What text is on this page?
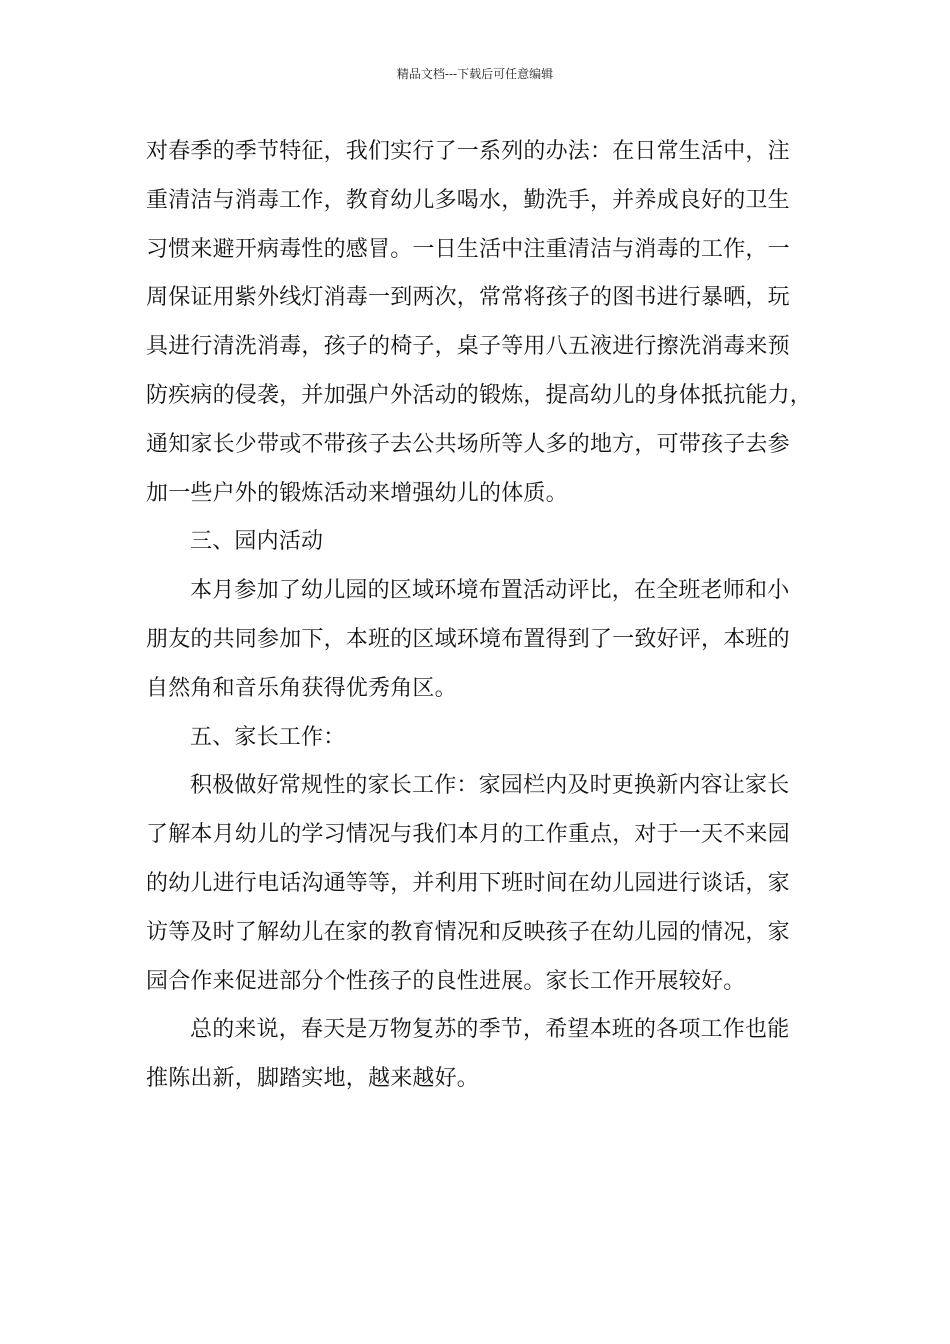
精品文档---下载后可任意编辑
对春季的季节特征，我们实行了一系列的办法：在日常生活中，注
重清洁与消毒工作，教育幼儿多喝水，勤洗手，并养成良好的卫生
习惯来避开病毒性的感冒。一日生活中注重清洁与消毒的工作，一
周保证用紫外线灯消毒一到两次，常常将孩子的图书进行暴晒，玩
具进行清洗消毒，孩子的椅子，桌子等用八五液进行擦洗消毒来预
防疾病的侵袭，并加强户外活动的锻炼，提高幼儿的身体抵抗能力，
通知家长少带或不带孩子去公共场所等人多的地方，可带孩子去参
加一些户外的锻炼活动来增强幼儿的体质。
三、园内活动
本月参加了幼儿园的区域环境布置活动评比，在全班老师和小
朋友的共同参加下，本班的区域环境布置得到了一致好评，本班的
自然角和音乐角获得优秀角区。
五、家长工作：
积极做好常规性的家长工作：家园栏内及时更换新内容让家长
了解本月幼儿的学习情况与我们本月的工作重点，对于一天不来园
的幼儿进行电话沟通等等，并利用下班时间在幼儿园进行谈话，家
访等及时了解幼儿在家的教育情况和反映孩子在幼儿园的情况，家
园合作来促进部分个性孩子的良性进展。家长工作开展较好。
总的来说，春天是万物复苏的季节，希望本班的各项工作也能
推陈出新，脚踏实地，越来越好。
